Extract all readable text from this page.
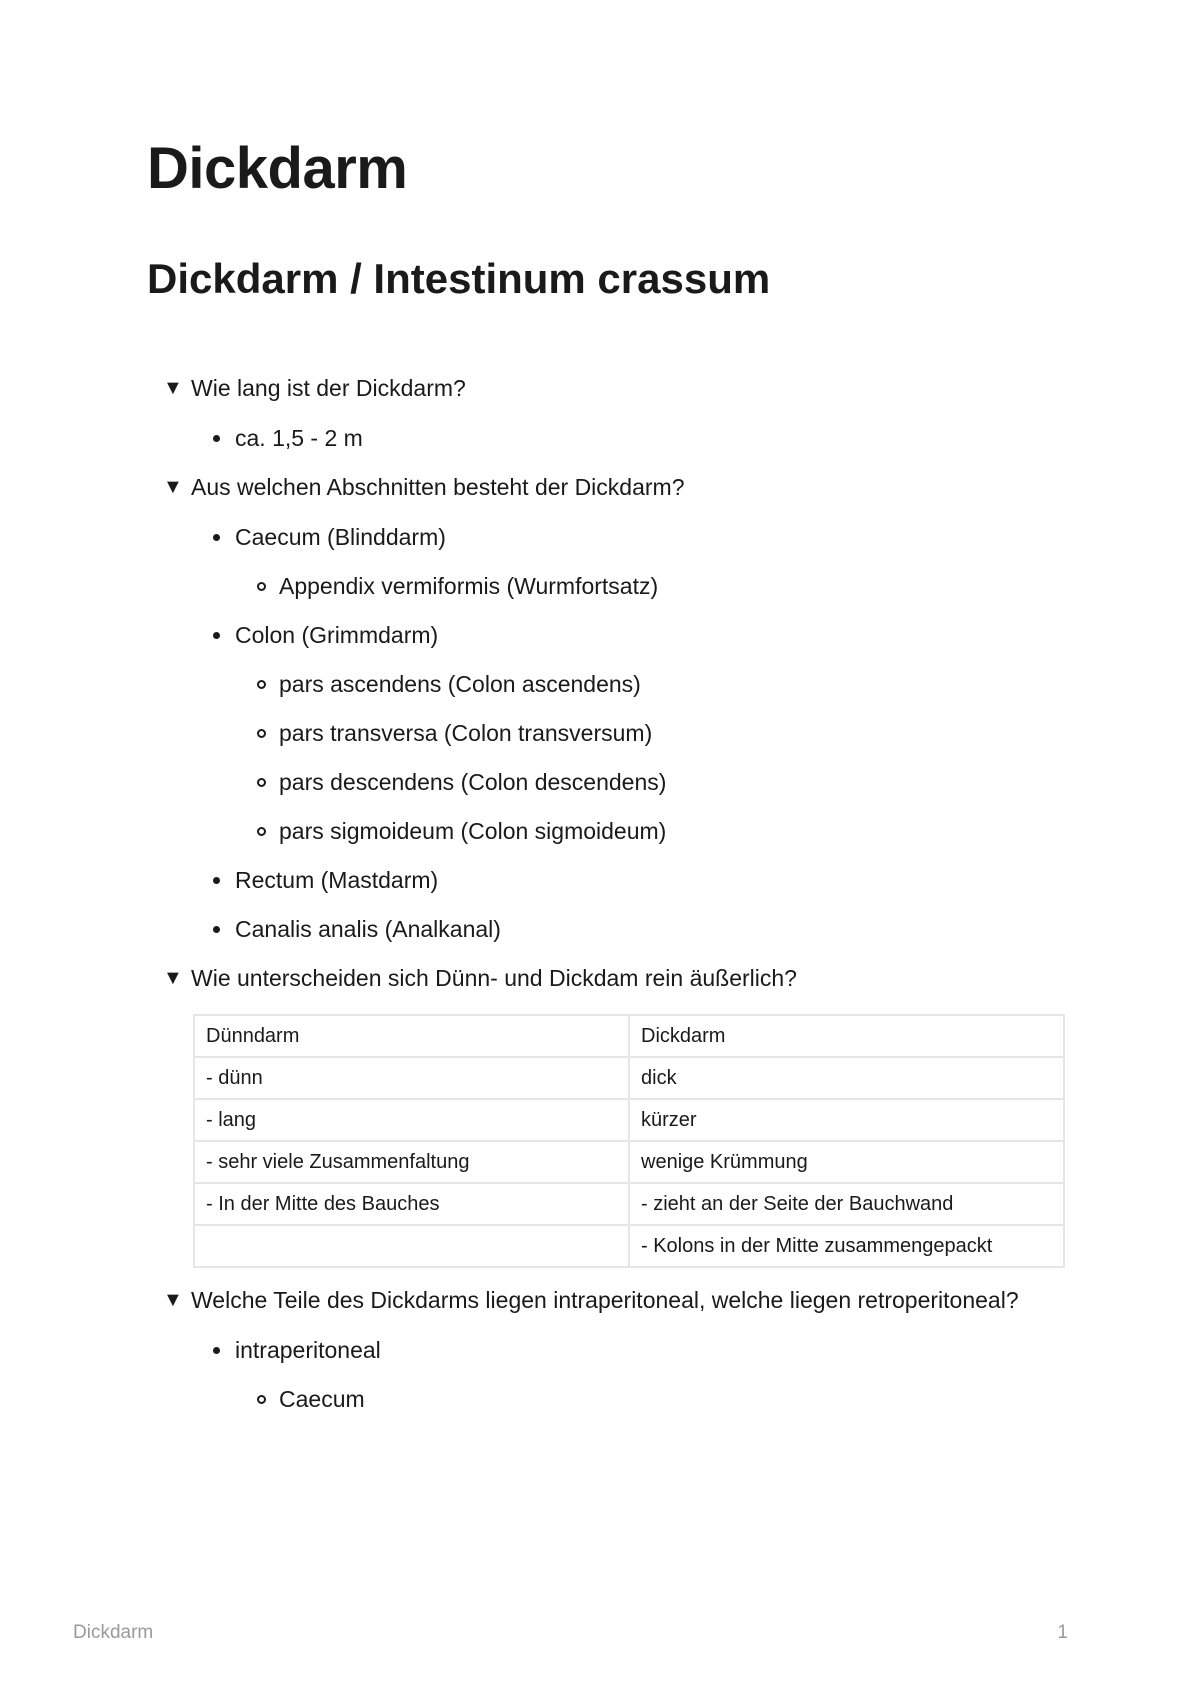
Dickdarm
Dickdarm / Intestinum crassum
▼ Wie lang ist der Dickdarm?
ca. 1,5 - 2 m
▼ Aus welchen Abschnitten besteht der Dickdarm?
Caecum (Blinddarm)
Appendix vermiformis (Wurmfortsatz)
Colon (Grimmdarm)
pars ascendens (Colon ascendens)
pars transversa (Colon transversum)
pars descendens (Colon descendens)
pars sigmoideum (Colon sigmoideum)
Rectum (Mastdarm)
Canalis analis (Analkanal)
▼ Wie unterscheiden sich Dünn- und Dickdam rein äußerlich?
Dünndarm	Dickdarm
- dünn	dick
- lang	kürzer
- sehr viele Zusammenfaltung	wenige Krümmung
- In der Mitte des Bauches	- zieht an der Seite der Bauchwand
	- Kolons in der Mitte zusammengepackt
▼ Welche Teile des Dickdarms liegen intraperitoneal, welche liegen retroperitoneal?
intraperitoneal
Caecum
Dickdarm	1
